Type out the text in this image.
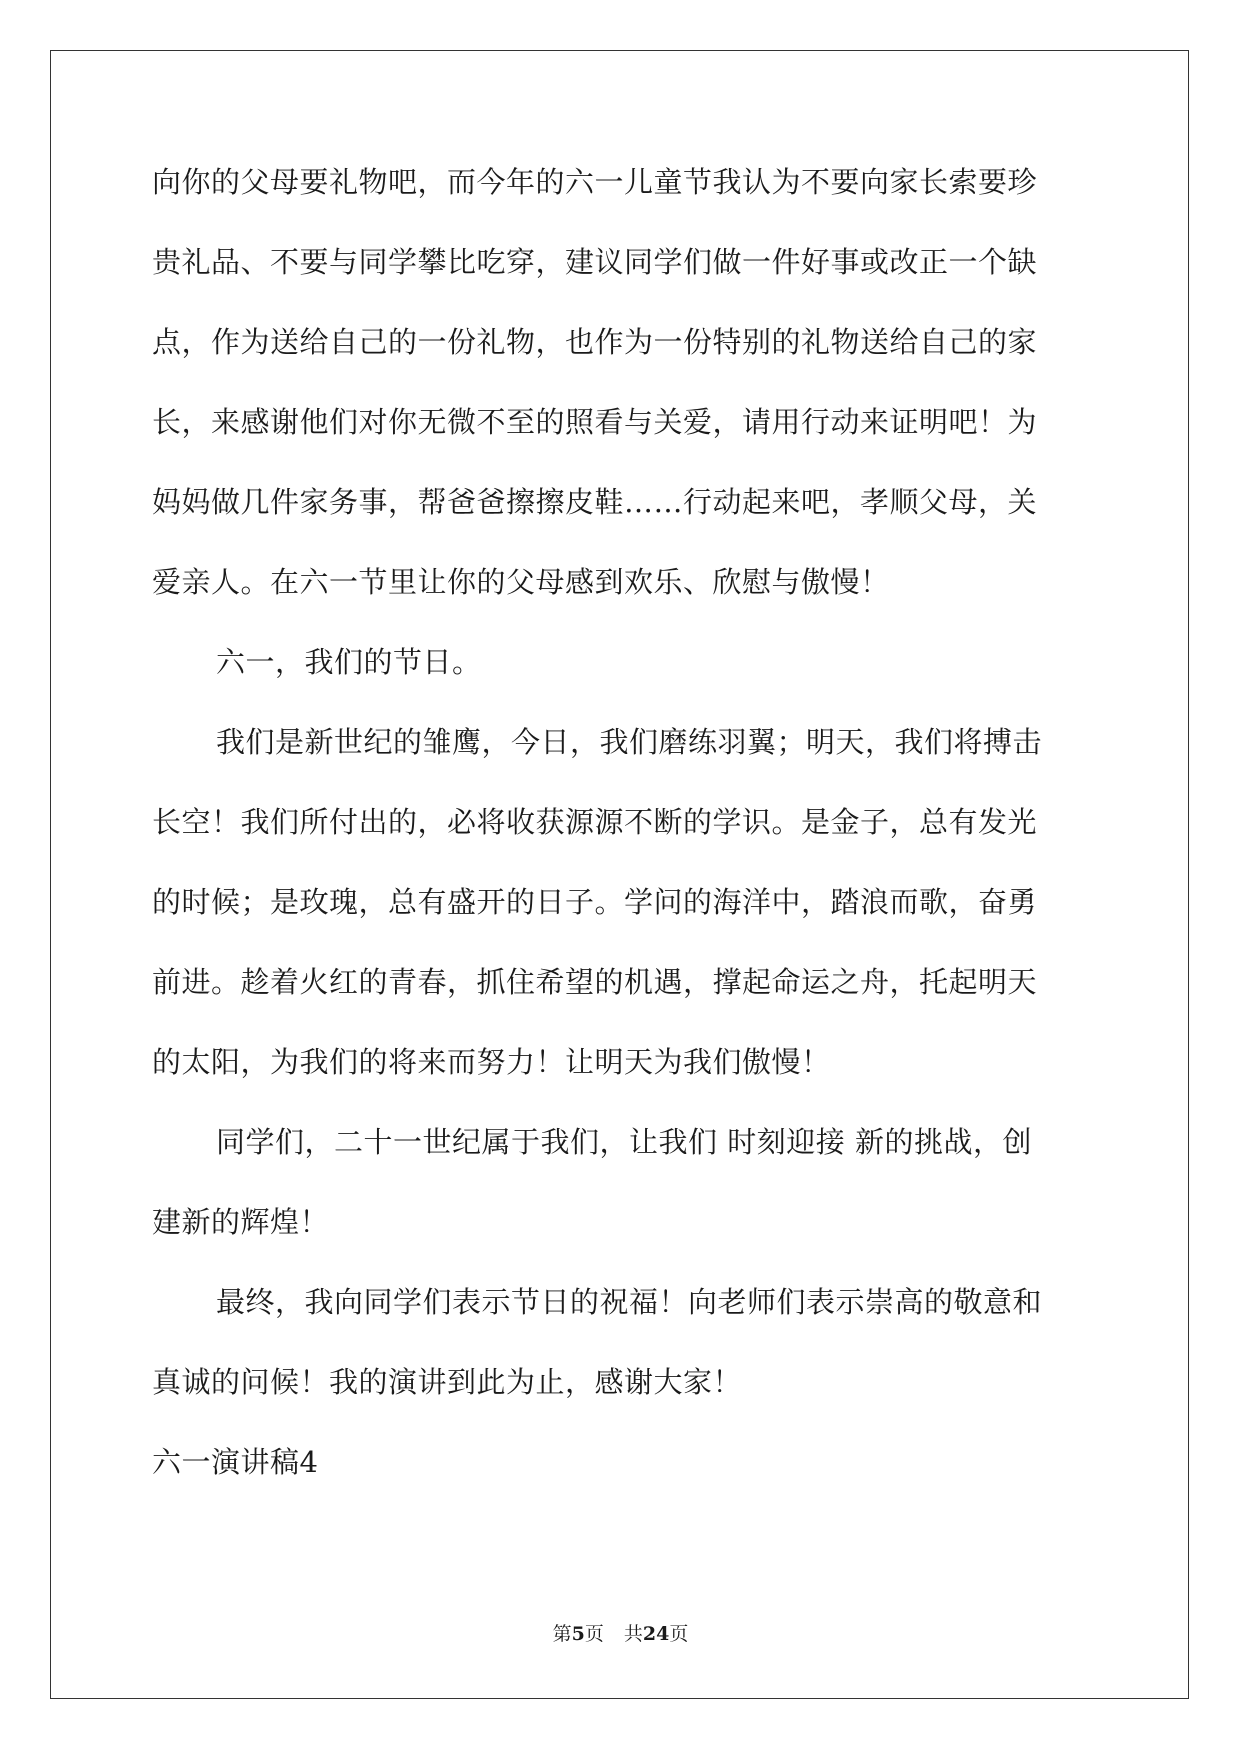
向你的父母要礼物吧，而今年的六一儿童节我认为不要向家长索要珍
贵礼品、不要与同学攀比吃穿，建议同学们做一件好事或改正一个缺
点，作为送给自己的一份礼物，也作为一份特别的礼物送给自己的家
长，来感谢他们对你无微不至的照看与关爱，请用行动来证明吧！为
妈妈做几件家务事，帮爸爸擦擦皮鞋……行动起来吧，孝顺父母，关
爱亲人。在六一节里让你的父母感到欢乐、欣慰与傲慢！
六一，我们的节日。
我们是新世纪的雏鹰，今日，我们磨练羽翼；明天，我们将搏击
长空！我们所付出的，必将收获源源不断的学识。是金子，总有发光
的时候；是玫瑰，总有盛开的日子。学问的海洋中，踏浪而歌，奋勇
前进。趁着火红的青春，抓住希望的机遇，撑起命运之舟，托起明天
的太阳，为我们的将来而努力！让明天为我们傲慢！
同学们，二十一世纪属于我们，让我们 时刻迎接 新的挑战，创
建新的辉煌！
最终，我向同学们表示节日的祝福！向老师们表示崇高的敬意和
真诚的问候！我的演讲到此为止，感谢大家！
六一演讲稿4
第5页 共24页
